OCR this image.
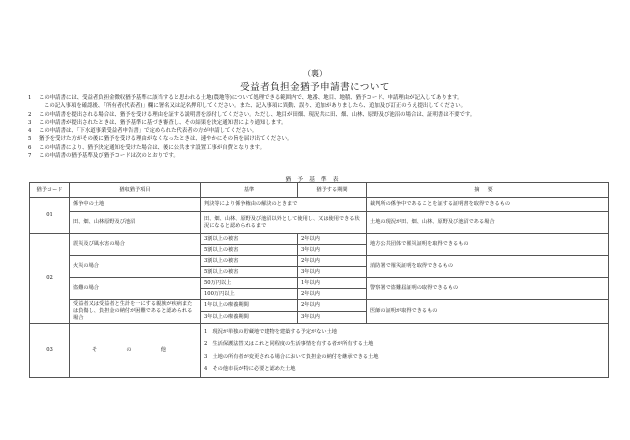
（裏）
受益者負担金猶予申請書について
1	この申請書には、受益者負担金徴収猶予基準に該当すると思われる土地(農地等)について処理できる範囲内で、地番、地目、地積、猶予コード、申請理由が記入してあります。
この記入事項を確認後、「所有者(代表者)」欄に署名又は記名押印してください。また、記入事項に異動、誤り、追加がありましたら、追加及び訂正のうえ提出してください。
2	この申請書を提出される場合は、猶予を受ける理由を証する説明書を添付してください。ただし、地目が田畑、現況共に田、畑、山林、原野及び池沼の場合は、証明書は不要です。
3	この申請書が提出されたときは、猶予基準に基づき審査し、その結果を決定通知書により通知します。
4	この申請書は、「下水道事業受益者申告書」で定められた代表者の方が申請してください。
5	猶予を受けた方がその後に猶予を受ける理由がなくなったときは、速やかにその旨を届け出てください。
6	この申請書により、猶予決定通知を受けた場合は、後に公共ます設置工事が自費となります。
7	この申請書の猶予基準及び猶予コードは次のとおりです。
猶予基準表
猶予コード	猶収猶予項目	基準	猶予する期間	摘要
01	係争中の土地	判決等により係争権由の解決のときまで		裁判所の係争中であることを証する証明書を取得できるもの
	田、畑、山林原野及び池沼	田、畑、山林、原野及び池沼以外として使用し、又は使用できる状況になると認められるまで		土地の現況が田、畑、山林、原野及び池沼である場合
02	震災及び風水害の場合	3割以上の被害	2年以内	地方公共団体で罹災証明を取得できるもの
		5割以上の被害	3年以内	
	火災の場合	3割以上の被害	2年以内	消防署で罹災証明を取得できるもの
		5割以上の被害	3年以内	
	盗難の場合	50万円以上	1年以内	警察署で盗難届証明の取得できるもの
		100万円以上	2年以内	
	受益者又は受益者と生計を一にする親族が疾病または負傷し、負担金の納付が困難であると認められる場合	1年以上の療養期間	2年以内	医師の証明が取得できるもの
		3年以上の療養期間	3年以内	
03	そ　の　他	1　現況が単独の貯蔵地で建物を建築する予定がない土地
2　生活保護法替又はこれと同程度の生活事情を有する者が所有する土地
3　土地の所有者が変更される場合において負担金の納付を継承できる土地
4　その他市長が特に必要と認めた土地		
